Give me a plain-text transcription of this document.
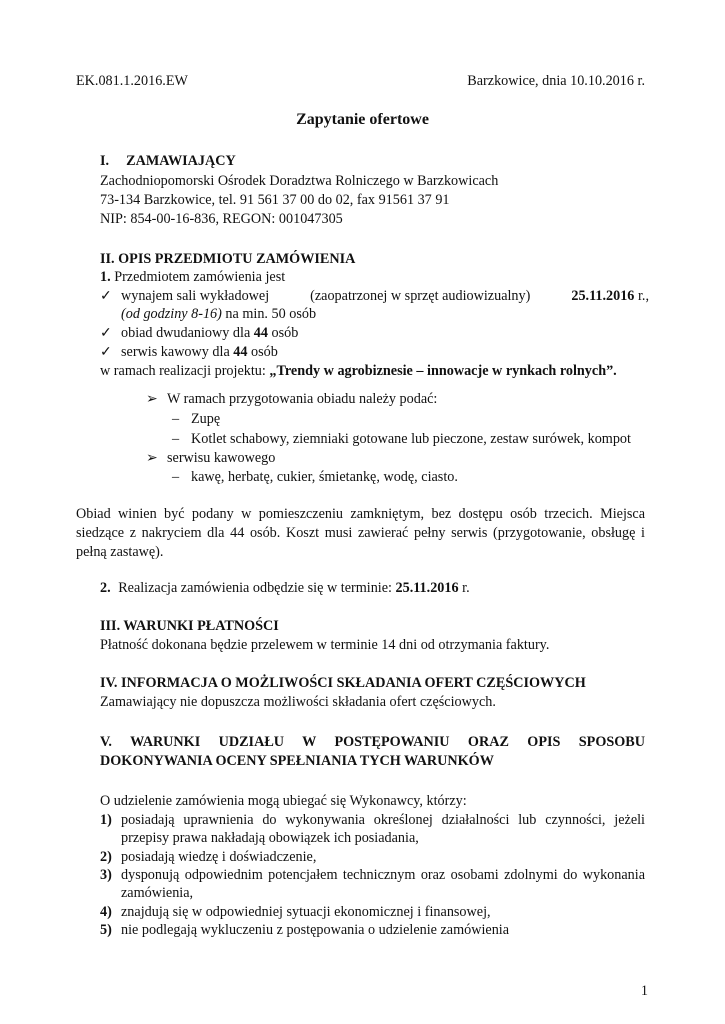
EK.081.1.2016.EW	Barzkowice, dnia 10.10.2016 r.
Zapytanie ofertowe
I. ZAMAWIAJĄCY
Zachodniopomorski Ośrodek Doradztwa Rolniczego w Barzkowicach
73-134 Barzkowice, tel. 91 561 37 00 do 02, fax 91561 37 91
NIP: 854-00-16-836, REGON: 001047305
II. OPIS PRZEDMIOTU ZAMÓWIENIA
1. Przedmiotem zamówienia jest
✓ wynajem sali wykładowej	(zaopatrzonej w sprzęt audiowizualny)	25.11.2016 r.,
(od godziny 8-16) na min. 50 osób
✓ obiad dwudaniowy dla 44 osób
✓ serwis kawowy dla 44 osób
w ramach realizacji projektu: „Trendy w agrobiznesie – innowacje w rynkach rolnych”.
➢ W ramach przygotowania obiadu należy podać:
– Zupę
– Kotlet schabowy, ziemniaki gotowane lub pieczone, zestaw surówek, kompot
➢ serwisu kawowego
– kawę, herbatę, cukier, śmietankę, wodę, ciasto.
Obiad winien być podany w pomieszczeniu zamkniętym, bez dostępu osób trzecich. Miejsca
siedzące z nakryciem dla 44 osób. Koszt musi zawierać pełny serwis (przygotowanie, obsługę i
pełną zastawę).
2. Realizacja zamówienia odbędzie się w terminie: 25.11.2016 r.
III. WARUNKI PŁATNOŚCI
Płatność dokonana będzie przelewem w terminie 14 dni od otrzymania faktury.
IV. INFORMACJA O MOŻLIWOŚCI SKŁADANIA OFERT CZĘŚCIOWYCH
Zamawiający nie dopuszcza możliwości składania ofert częściowych.
V. WARUNKI UDZIAŁU W POSTĘPOWANIU ORAZ OPIS SPOSOBU
DOKONYWANIA OCENY SPEŁNIANIA TYCH WARUNKÓW
O udzielenie zamówienia mogą ubiegać się Wykonawcy, którzy:
1) posiadają uprawnienia do wykonywania określonej działalności lub czynności, jeżeli
przepisy prawa nakładają obowiązek ich posiadania,
2) posiadają wiedzę i doświadczenie,
3) dysponują odpowiednim potencjałem technicznym oraz osobami zdolnymi do wykonania
zamówienia,
4) znajdują się w odpowiedniej sytuacji ekonomicznej i finansowej,
5) nie podlegają wykluczeniu z postępowania o udzielenie zamówienia
1
